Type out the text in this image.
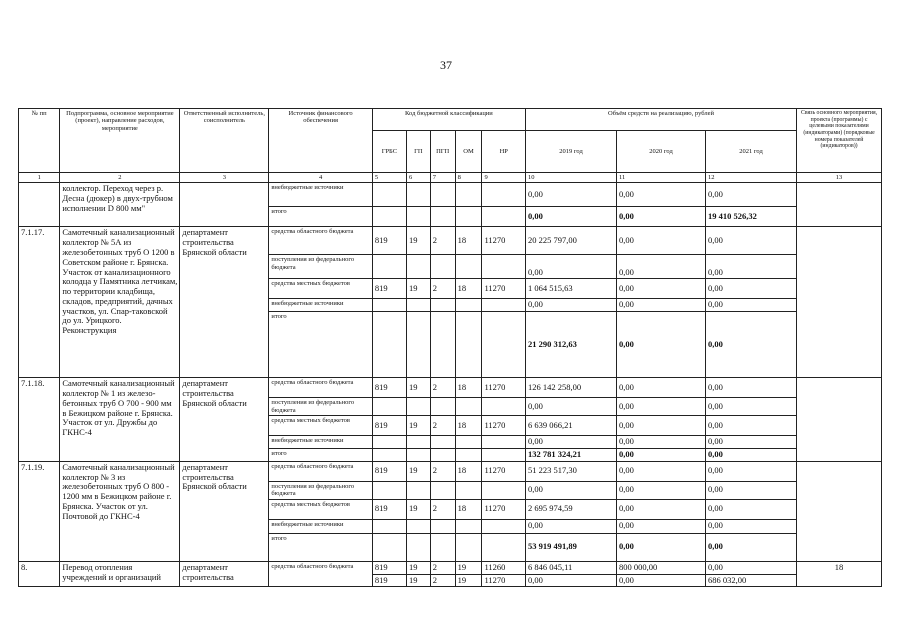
37
№ пп	Подпрограмма, основное мероприятие (проект), направление расходов, мероприятие	Ответственный исполнитель, соисполнитель	Источник финансового обеспечения	Код бюджетной классификации					Объём средств на реализацию, рублей			Связь основного мероприятия, проекта (программы) с целевыми показателями (индикаторами) (порядковые номера показателей (индикаторов))
				ГРБС	ГП	ПГП	ОМ	НР	2019 год	2020 год	2021 год	
1	2	3	4	5	6	7	8	9	10	11	12	13
	коллектор. Переход через р. Десна (дюкер) в двух-трубном исполнении D 800 мм"		внебюджетные источники						0,00	0,00	0,00	
			итого						0,00	0,00	19 410 526,32	
7.1.17.	Самотечный канализационный коллектор № 5А из железобетонных труб O 1200 в Советском районе г. Брянска. Участок от канализационного колодца у Памятника летчикам, по территории кладбища, складов, предприятий, дачных участков, ул. Спар-таковской до ул. Урицкого. Реконструкция	департамент строительства Брянской области	средства областного бюджета	819	19	2	18	11270	20 225 797,00	0,00	0,00	
			поступления из федерального бюджета						0,00	0,00	0,00	
			средства местных бюджетов	819	19	2	18	11270	1 064 515,63	0,00	0,00	
			внебюджетные источники						0,00	0,00	0,00	
			итого						21 290 312,63	0,00	0,00	
7.1.18.	Самотечный канализационный коллектор № 1 из железо-бетонных труб O 700 - 900 мм в Бежицком районе г. Брянска. Участок от ул. Дружбы до ГКНС-4	департамент строительства Брянской области	средства областного бюджета	819	19	2	18	11270	126 142 258,00	0,00	0,00	
			поступления из федерального бюджета						0,00	0,00	0,00	
			средства местных бюджетов	819	19	2	18	11270	6 639 066,21	0,00	0,00	
			внебюджетные источники						0,00	0,00	0,00	
			итого						132 781 324,21	0,00	0,00	
7.1.19.	Самотечный канализационный коллектор № 3 из железобетонных труб O 800 - 1200 мм в Бежицком районе г. Брянска. Участок от ул. Почтовой до ГКНС-4	департамент строительства Брянской области	средства областного бюджета	819	19	2	18	11270	51 223 517,30	0,00	0,00	
			поступления из федерального бюджета						0,00	0,00	0,00	
			средства местных бюджетов	819	19	2	18	11270	2 695 974,59	0,00	0,00	
			внебюджетные источники						0,00	0,00	0,00	
			итого						53 919 491,89	0,00	0,00	
8.	Перевод отопления учреждений и организаций	департамент строительства	средства областного бюджета	819	19	2	19	11260	6 846 045,11	800 000,00	0,00	18
				819	19	2	19	11270	0,00	0,00	686 032,00	
